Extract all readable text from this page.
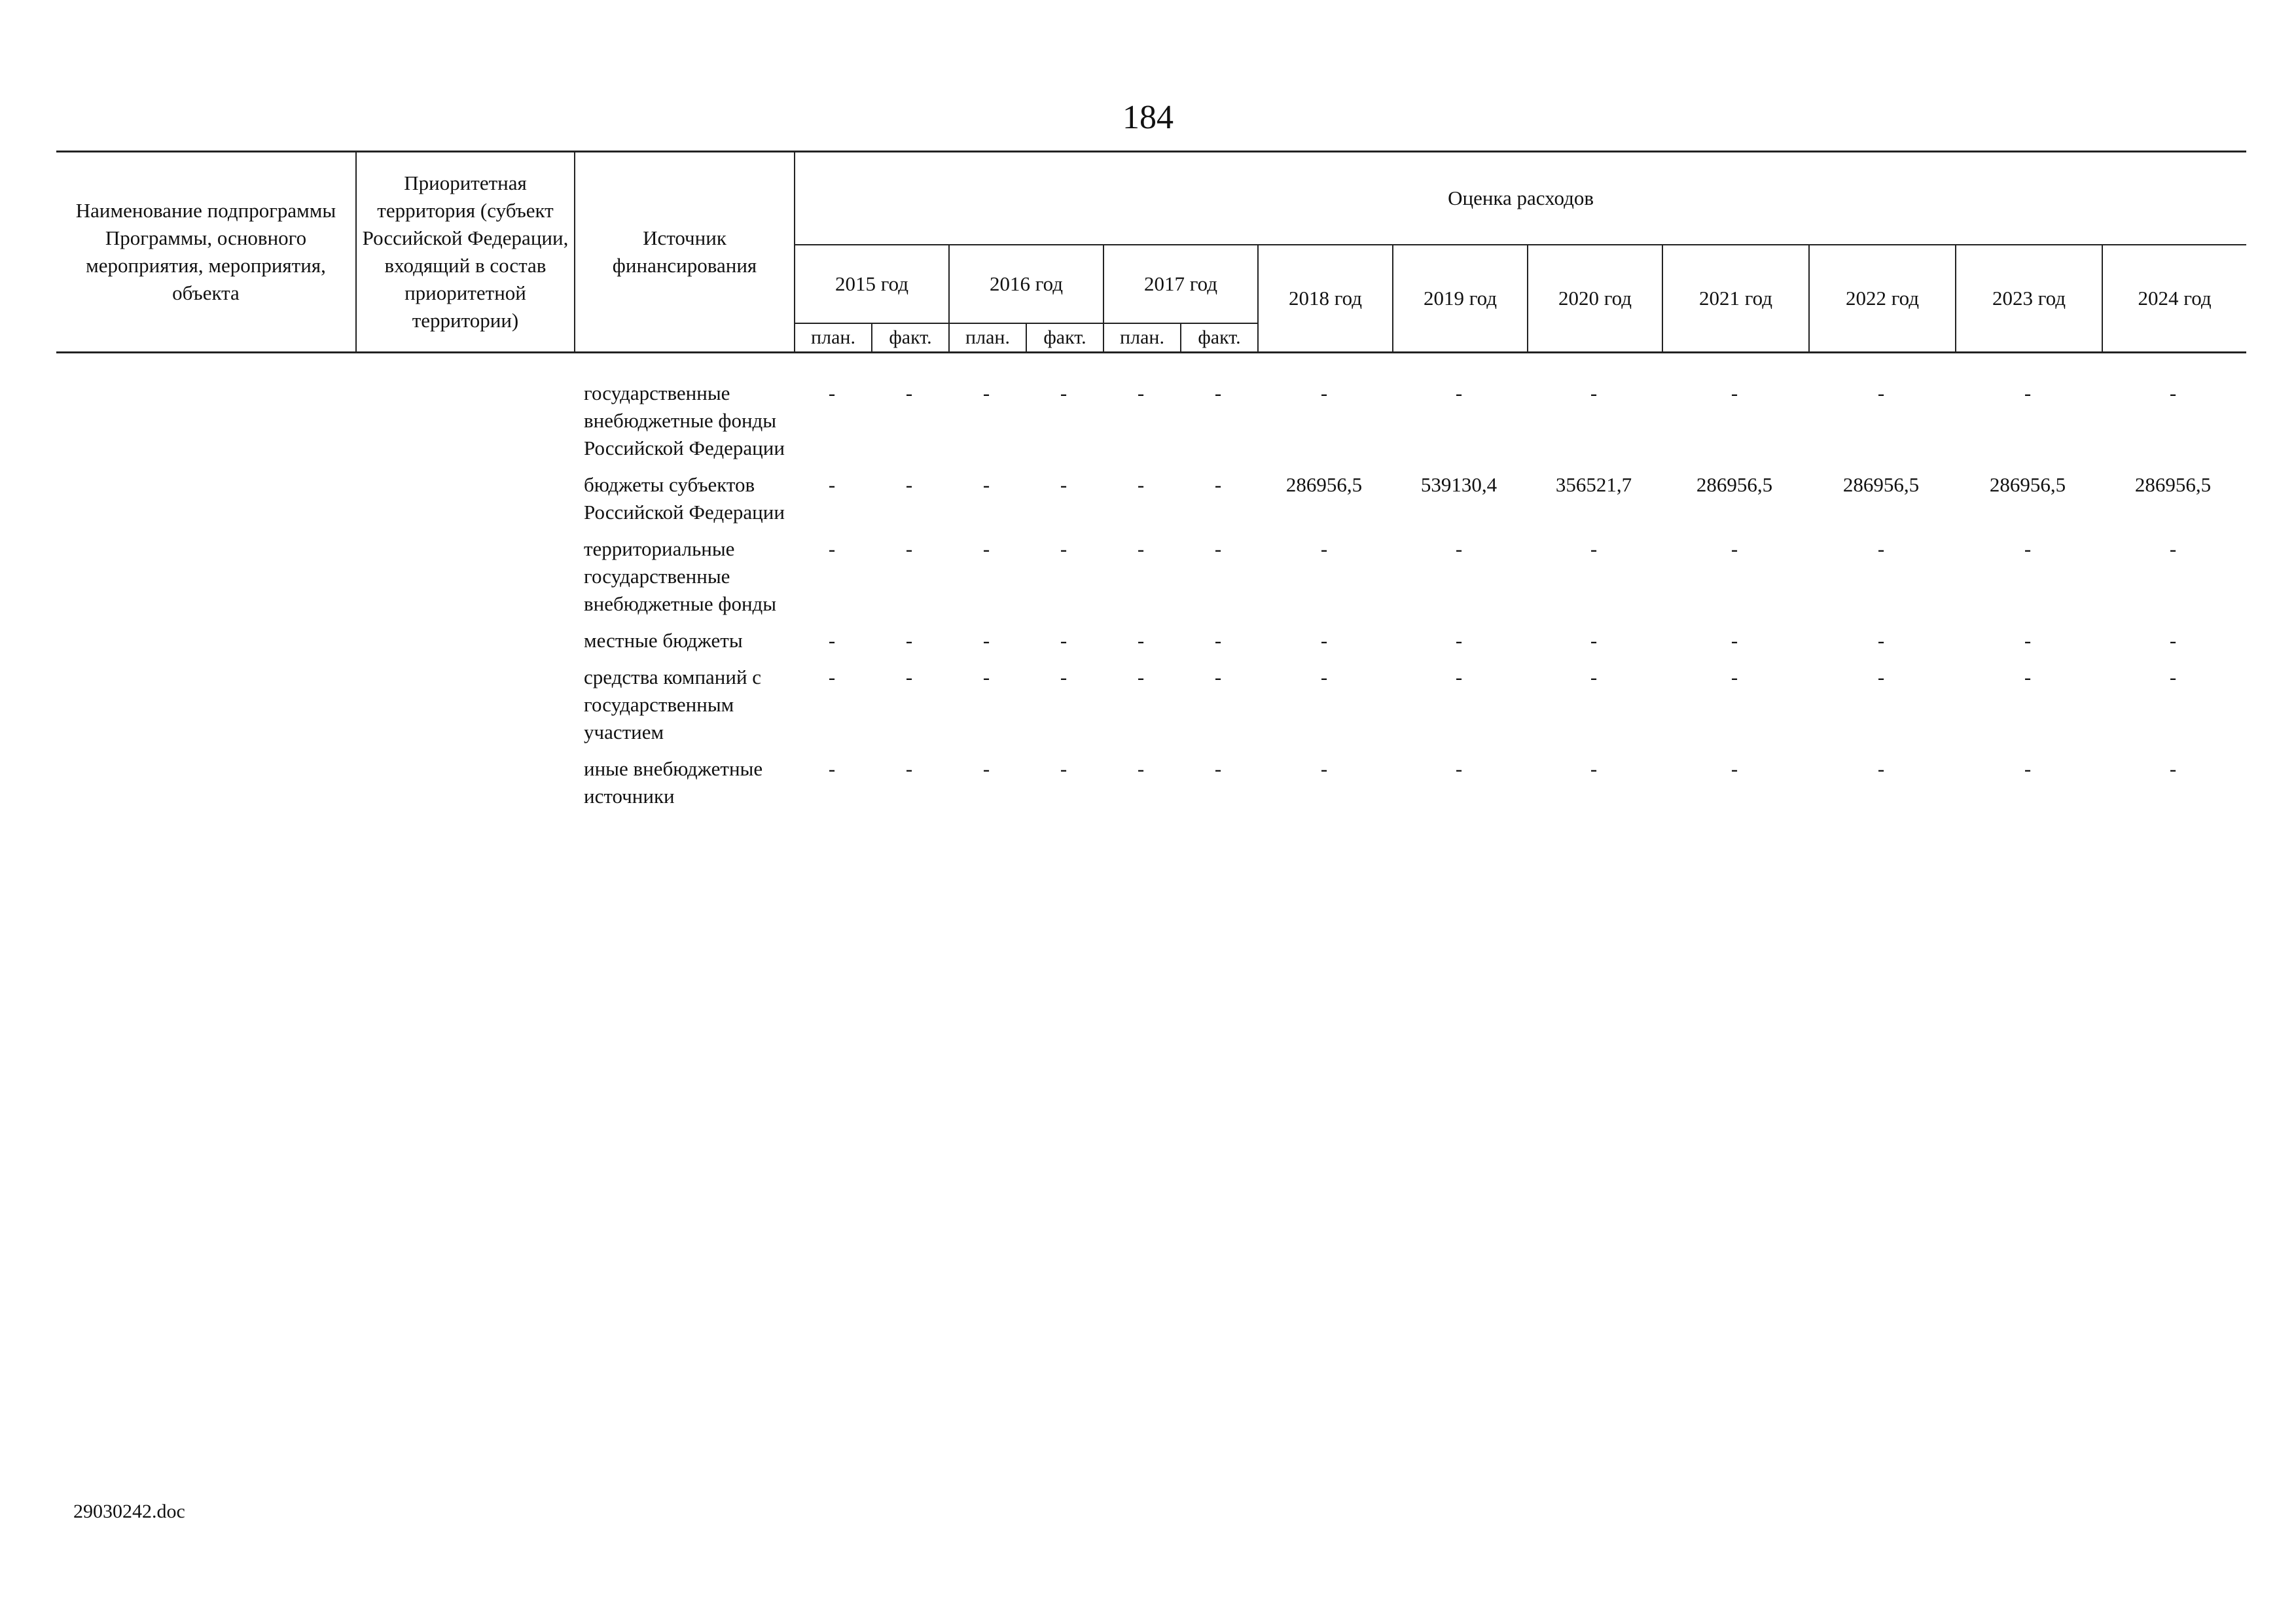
184
Наименование подпрограммы Программы, основного мероприятия, мероприятия, объекта	Приоритетная территория (субъект Российской Федерации, входящий в состав приоритетной территории)	Источник финансирования	Оценка расходов												
			2015 год		2016 год		2017 год		2018 год	2019 год	2020 год	2021 год	2022 год	2023 год	2024 год
			план.	факт.	план.	факт.	план.	факт.							

		государственные внебюджетные фонды Российской Федерации	-	-	-	-	-	-	-	-	-	-	-	-	-
		бюджеты субъектов Российской Федерации	-	-	-	-	-	-	286956,5	539130,4	356521,7	286956,5	286956,5	286956,5	286956,5
		территориальные государственные внебюджетные фонды	-	-	-	-	-	-	-	-	-	-	-	-	-
		местные бюджеты	-	-	-	-	-	-	-	-	-	-	-	-	-
		средства компаний с государственным участием	-	-	-	-	-	-	-	-	-	-	-	-	-
		иные внебюджетные источники	-	-	-	-	-	-	-	-	-	-	-	-	-
29030242.doc
